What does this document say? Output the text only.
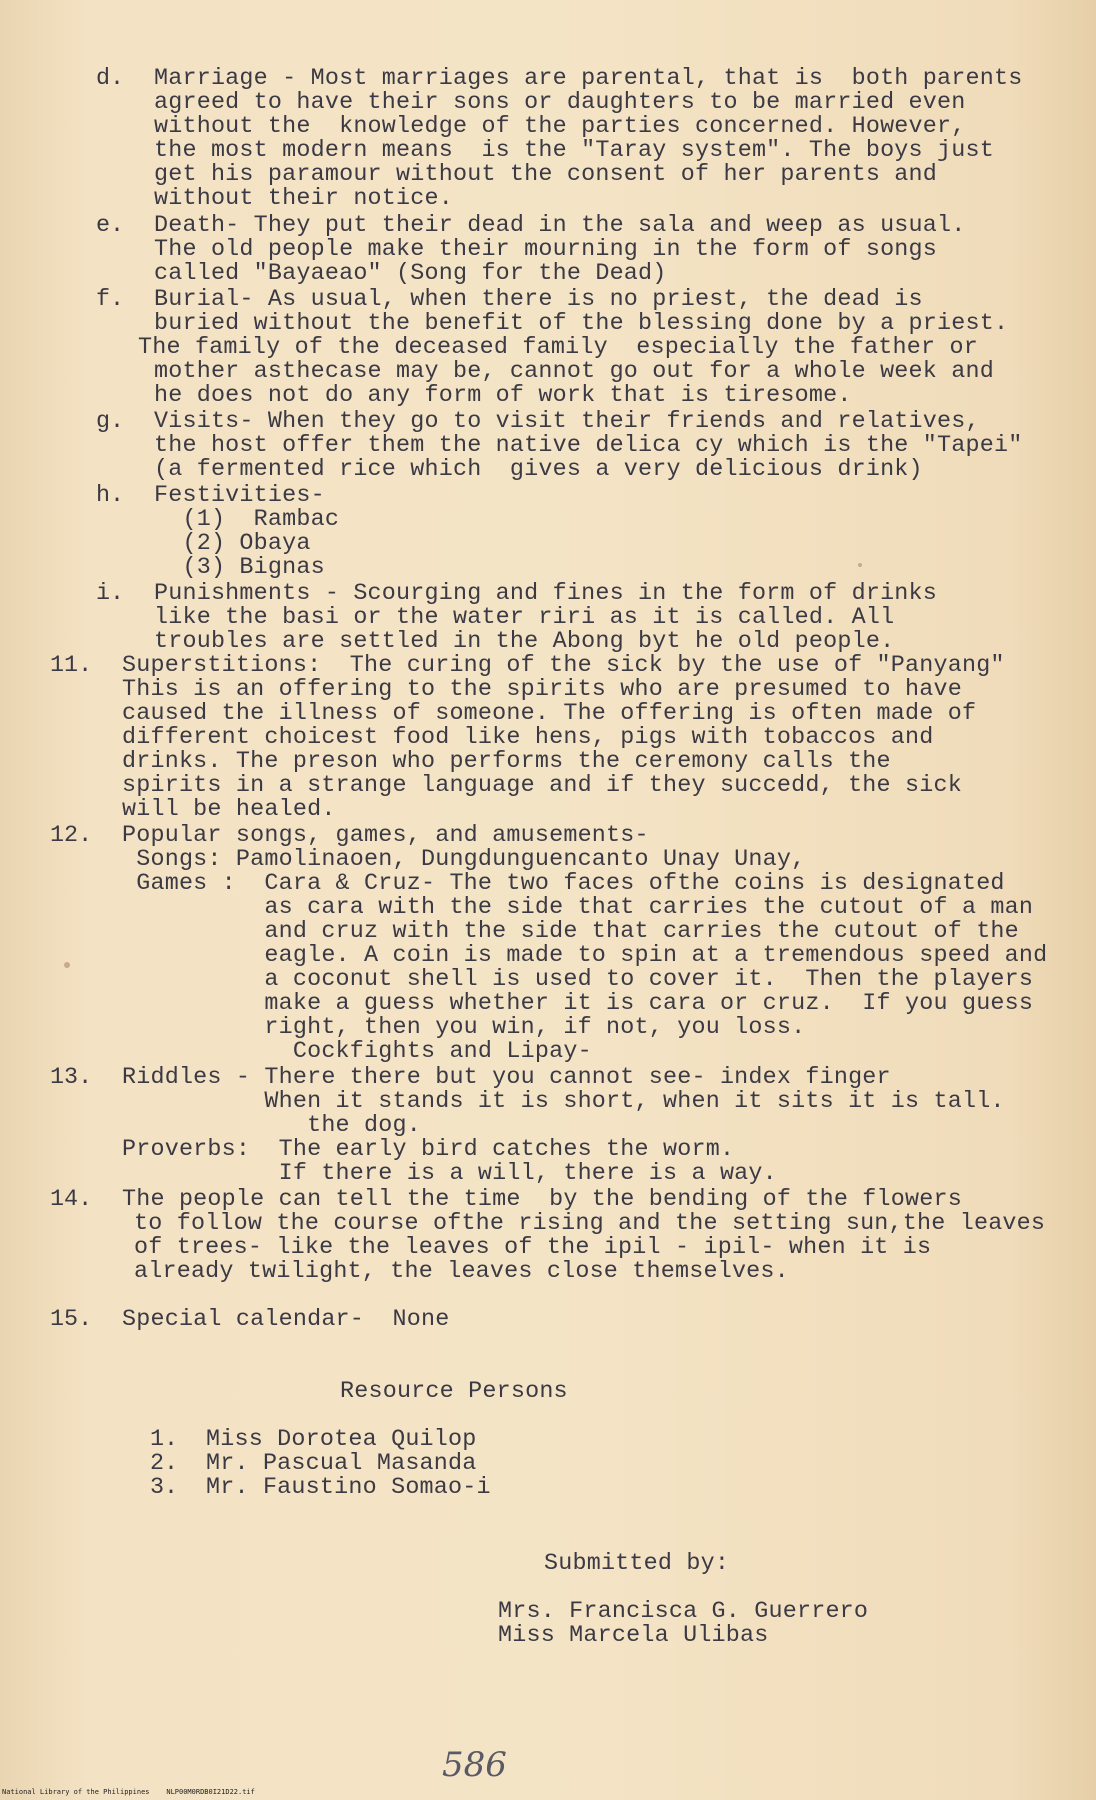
d. Marriage - Most marriages are parental, that is  both parents
agreed to have their sons or daughters to be married even
without the  knowledge of the parties concerned. However,
the most modern means  is the "Taray system". The boys just
get his paramour without the consent of her parents and
without their notice.
e. Death- They put their dead in the sala and weep as usual.
The old people make their mourning in the form of songs
called "Bayaeao" (Song for the Dead)
f. Burial- As usual, when there is no priest, the dead is
buried without the benefit of the blessing done by a priest.
The family of the deceased family  especially the father or
mother asthecase may be, cannot go out for a whole week and
he does not do any form of work that is tiresome.
g. Visits- When they go to visit their friends and relatives,
the host offer them the native delica cy which is the "Tapei"
(a fermented rice which  gives a very delicious drink)
h. Festivities-
(1)  Rambac
(2) Obaya
(3) Bignas
i. Punishments - Scourging and fines in the form of drinks
like the basi or the water riri as it is called. All
troubles are settled in the Abong byt he old people.
11. Superstitions:  The curing of the sick by the use of "Panyang"
This is an offering to the spirits who are presumed to have
caused the illness of someone. The offering is often made of
different choicest food like hens, pigs with tobaccos and
drinks. The preson who performs the ceremony calls the
spirits in a strange language and if they succedd, the sick
will be healed.
12. Popular songs, games, and amusements-
Songs: Pamolinaoen, Dungdunguencanto Unay Unay,
Games :  Cara & Cruz- The two faces ofthe coins is designated
as cara with the side that carries the cutout of a man
and cruz with the side that carries the cutout of the
eagle. A coin is made to spin at a tremendous speed and
a coconut shell is used to cover it.  Then the players
make a guess whether it is cara or cruz.  If you guess
right, then you win, if not, you loss.
Cockfights and Lipay-
13. Riddles - There there but you cannot see- index finger
When it stands it is short, when it sits it is tall.
the dog.
Proverbs:  The early bird catches the worm.
If there is a will, there is a way.
14. The people can tell the time  by the bending of the flowers
to follow the course ofthe rising and the setting sun,the leaves
of trees- like the leaves of the ipil - ipil- when it is
already twilight, the leaves close themselves.
15. Special calendar-  None
Resource Persons
1. Miss Dorotea Quilop
2. Mr. Pascual Masanda
3. Mr. Faustino Somao-i
Submitted by:
Mrs. Francisca G. Guerrero
Miss Marcela Ulibas
586
National Library of the Philippines    NLP00M0RDB0I21D22.tif
